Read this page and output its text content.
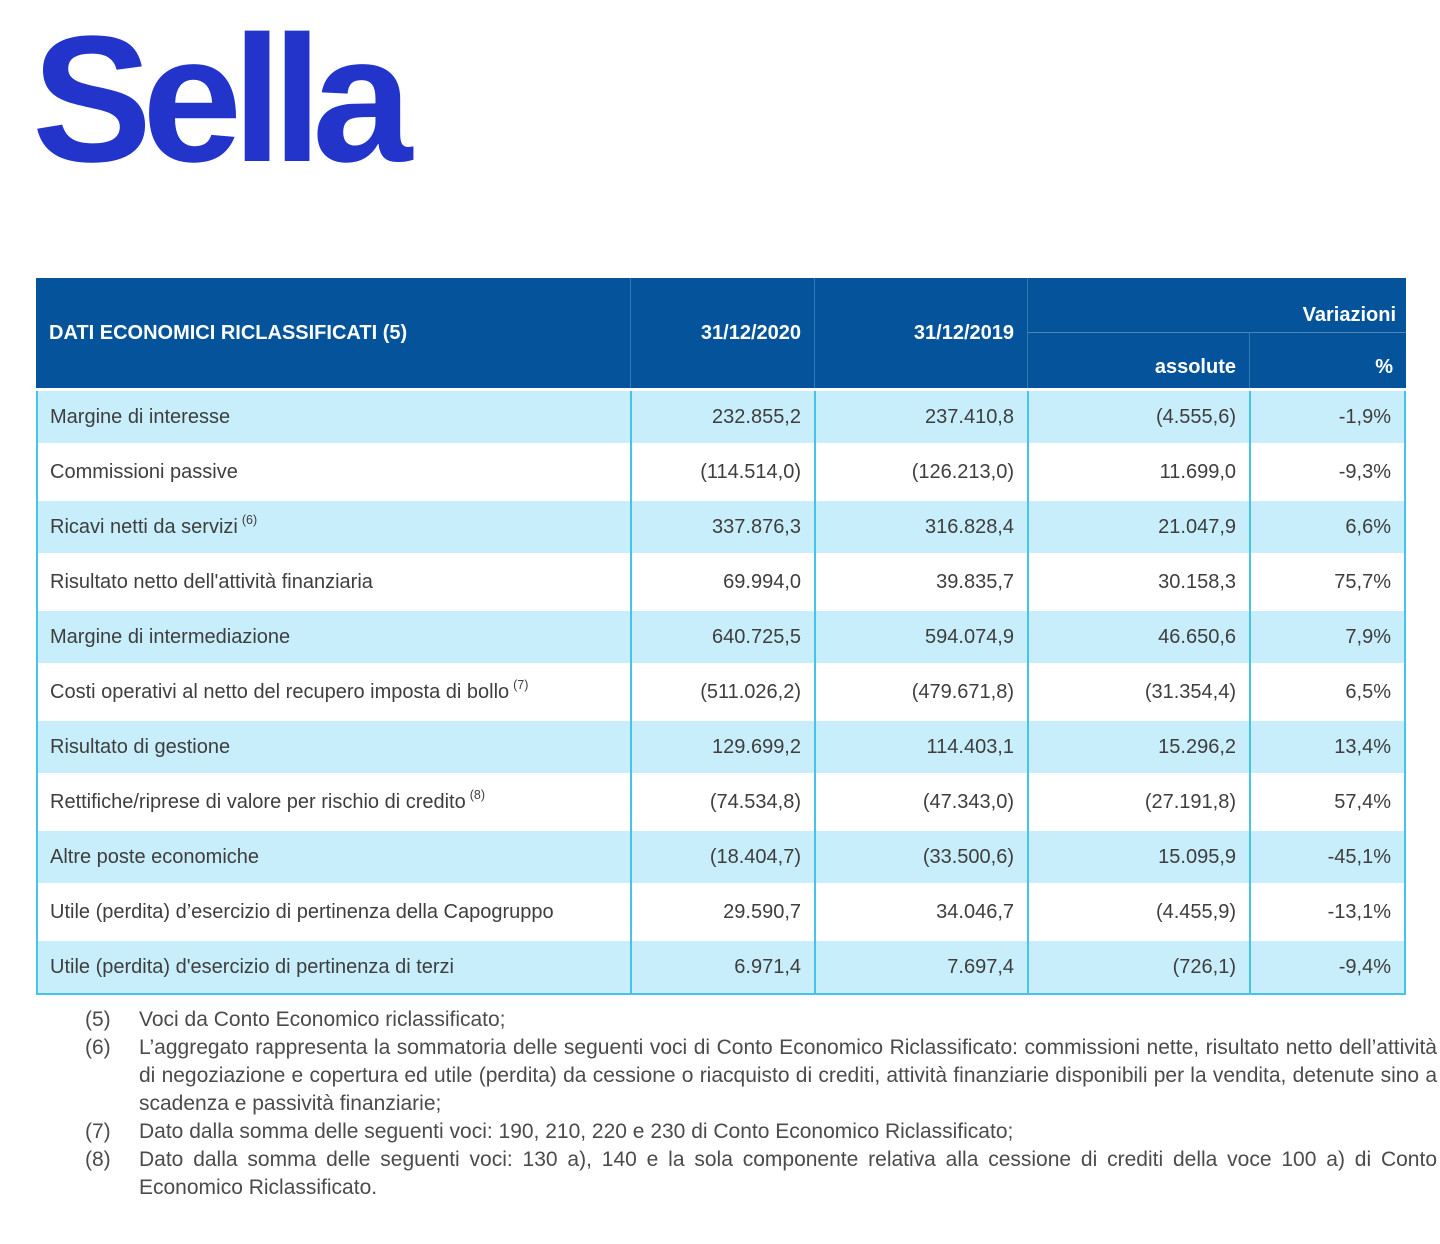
Sella
DATI ECONOMICI RICLASSIFICATI (5)	31/12/2020	31/12/2019
Variazioni
assolute	%
Margine di interesse	232.855,2	237.410,8	(4.555,6)	-1,9%
Commissioni passive	(114.514,0)	(126.213,0)	11.699,0	-9,3%
Ricavi netti da servizi $^{(6)}$	337.876,3	316.828,4	21.047,9	6,6%
Risultato netto dell'attività finanziaria	69.994,0	39.835,7	30.158,3	75,7%
Margine di intermediazione	640.725,5	594.074,9	46.650,6	7,9%
Costi operativi al netto del recupero imposta di bollo $^{(7)}$	(511.026,2)	(479.671,8)	(31.354,4)	6,5%
Risultato di gestione	129.699,2	114.403,1	15.296,2	13,4%
Rettifiche/riprese di valore per rischio di credito $^{(8)}$	(74.534,8)	(47.343,0)	(27.191,8)	57,4%
Altre poste economiche	(18.404,7)	(33.500,6)	15.095,9	-45,1%
Utile (perdita) d’esercizio di pertinenza della Capogruppo	29.590,7	34.046,7	(4.455,9)	-13,1%
Utile (perdita) d'esercizio di pertinenza di terzi	6.971,4	7.697,4	(726,1)	-9,4%
(5) Voci da Conto Economico riclassificato;
(6) L’aggregato rappresenta la sommatoria delle seguenti voci di Conto Economico Riclassificato: commissioni nette, risultato netto dell’attività di negoziazione e copertura ed utile (perdita) da cessione o riacquisto di crediti, attività finanziarie disponibili per la vendita, detenute sino a scadenza e passività finanziarie;
(7) Dato dalla somma delle seguenti voci: 190, 210, 220 e 230 di Conto Economico Riclassificato;
(8) Dato dalla somma delle seguenti voci: 130 a), 140 e la sola componente relativa alla cessione di crediti della voce 100 a) di Conto Economico Riclassificato.
